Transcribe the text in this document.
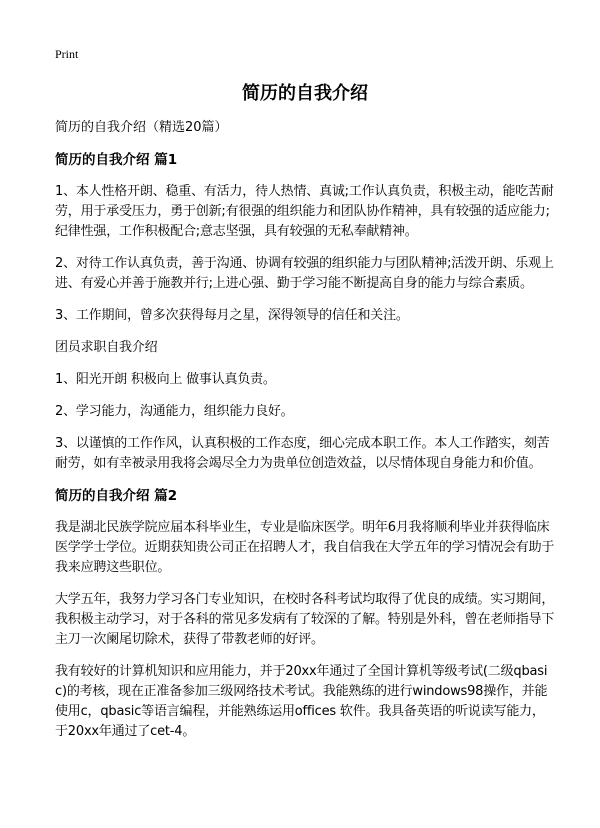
Print
简历的自我介绍

简历的自我介绍（精选20篇）

简历的自我介绍 篇1

1、本人性格开朗、稳重、有活力，待人热情、真诚;工作认真负责，积极主动，能吃苦耐劳，用于承受压力，勇于创新;有很强的组织能力和团队协作精神，具有较强的适应能力;纪律性强，工作积极配合;意志坚强，具有较强的无私奉献精神。

2、对待工作认真负责，善于沟通、协调有较强的组织能力与团队精神;活泼开朗、乐观上进、有爱心并善于施教并行;上进心强、勤于学习能不断提高自身的能力与综合素质。

3、工作期间，曾多次获得每月之星，深得领导的信任和关注。

团员求职自我介绍

1、阳光开朗 积极向上 做事认真负责。

2、学习能力，沟通能力，组织能力良好。

3、以谨慎的工作作风，认真积极的工作态度，细心完成本职工作。本人工作踏实，刻苦耐劳，如有幸被录用我将会竭尽全力为贵单位创造效益，以尽情体现自身能力和价值。

简历的自我介绍 篇2

我是湖北民族学院应届本科毕业生，专业是临床医学。明年6月我将顺利毕业并获得临床医学学士学位。近期获知贵公司正在招聘人才，我自信我在大学五年的学习情况会有助于我来应聘这些职位。

大学五年，我努力学习各门专业知识，在校时各科考试均取得了优良的成绩。实习期间，我积极主动学习，对于各科的常见多发病有了较深的了解。特别是外科，曾在老师指导下主刀一次阑尾切除术，获得了带教老师的好评。

我有较好的计算机知识和应用能力，并于20xx年通过了全国计算机等级考试(二级qbasic)的考核，现在正准备参加三级网络技术考试。我能熟练的进行windows98操作，并能使用c，qbasic等语言编程，并能熟练运用offices 软件。我具备英语的听说读写能力，于20xx年通过了cet-4。
